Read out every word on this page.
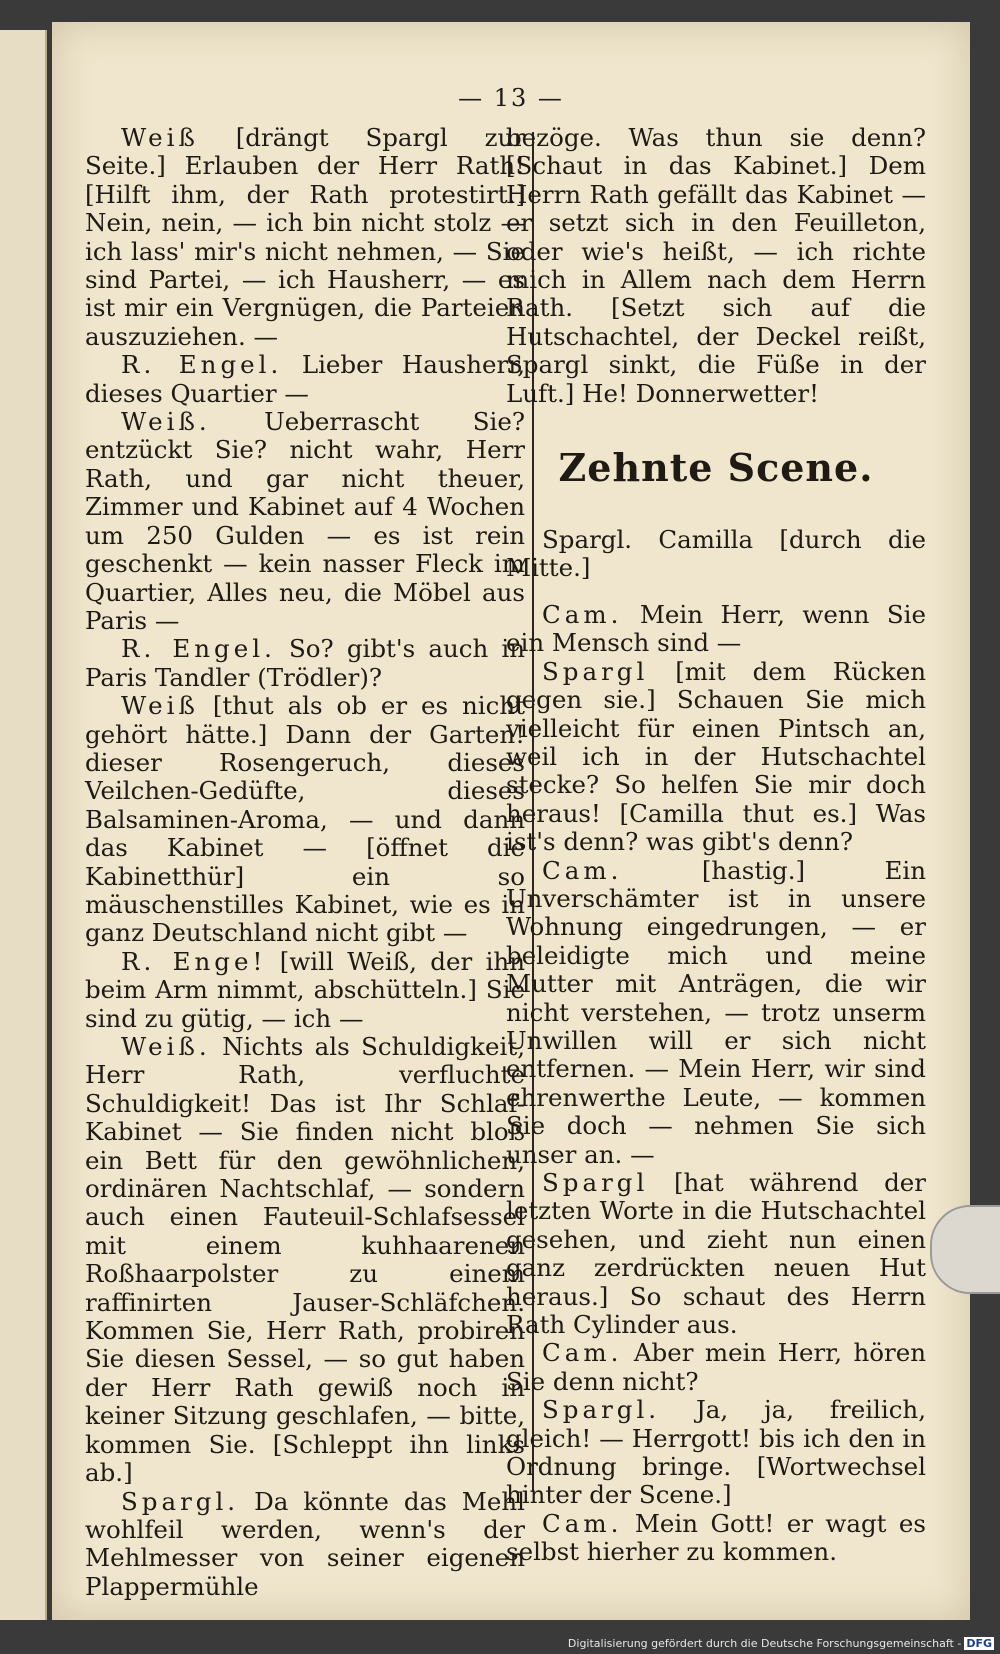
— 13 —

Weiß [drängt Spargl zur Seite.] Erlauben der Herr Rath! [Hilft ihm, der Rath protestirt.] Nein, nein, — ich bin nicht stolz — ich lass' mir's nicht nehmen, — Sie sind Partei, — ich Hausherr, — es ist mir ein Vergnügen, die Parteien auszuziehen. —

R. Engel. Lieber Hausherr, dieses Quartier —

Weiß. Ueberrascht Sie? entzückt Sie? nicht wahr, Herr Rath, und gar nicht theuer, Zimmer und Kabinet auf 4 Wochen um 250 Gulden — es ist rein geschenkt — kein nasser Fleck im Quartier, Alles neu, die Möbel aus Paris —

R. Engel. So? gibt's auch in Paris Tandler (Trödler)?

Weiß [thut als ob er es nicht gehört hätte.] Dann der Garten! dieser Rosengeruch, dieses Veilchen-Gedüfte, dieses Balsaminen-Aroma, — und dann das Kabinet — [öffnet die Kabinetthür] ein so mäuschenstilles Kabinet, wie es in ganz Deutschland nicht gibt —

R. Enge! [will Weiß, der ihn beim Arm nimmt, abschütteln.] Sie sind zu gütig, — ich —

Weiß. Nichts als Schuldigkeit, Herr Rath, verfluchte Schuldigkeit! Das ist Ihr Schlaf-Kabinet — Sie finden nicht bloß ein Bett für den gewöhnlichen, ordinären Nachtschlaf, — sondern auch einen Fauteuil-Schlafsessel mit einem kuhhaarenen Roßhaarpolster zu einem raffinirten Jauser-Schläfchen. Kommen Sie, Herr Rath, probiren Sie diesen Sessel, — so gut haben der Herr Rath gewiß noch in keiner Sitzung geschlafen, — bitte, kommen Sie. [Schleppt ihn links ab.]

Spargl. Da könnte das Mehl wohlfeil werden, wenn's der Mehlmesser von seiner eigenen Plappermühle

bezöge. Was thun sie denn? [Schaut in das Kabinet.] Dem Herrn Rath gefällt das Kabinet — er setzt sich in den Feuilleton, oder wie's heißt, — ich richte mich in Allem nach dem Herrn Rath. [Setzt sich auf die Hutschachtel, der Deckel reißt, Spargl sinkt, die Füße in der Luft.] He! Donnerwetter!

Zehnte Scene.

Spargl. Camilla [durch die Mitte.]

Cam. Mein Herr, wenn Sie ein Mensch sind —

Spargl [mit dem Rücken gegen sie.] Schauen Sie mich vielleicht für einen Pintsch an, weil ich in der Hutschachtel stecke? So helfen Sie mir doch heraus! [Camilla thut es.] Was ist's denn? was gibt's denn?

Cam.	[hastig.] Ein Unverschämter ist in unsere Wohnung eingedrungen, — er beleidigte mich und meine Mutter mit Anträgen, die wir nicht verstehen, — trotz unserm Unwillen will er sich nicht entfernen. — Mein Herr, wir sind ehrenwerthe Leute, — kommen Sie doch — nehmen Sie sich unser an. —

Spargl [hat während der letzten Worte in die Hutschachtel gesehen, und zieht nun einen ganz zerdrückten neuen Hut heraus.] So schaut des Herrn Rath Cylinder aus.

Cam. Aber mein Herr, hören Sie denn nicht?

Spargl. Ja, ja, freilich, gleich! — Herrgott! bis ich den in Ordnung bringe. [Wortwechsel hinter der Scene.]

Cam. Mein Gott! er wagt es selbst hierher zu kommen.

Digitalisierung gefördert durch die Deutsche Forschungsgemeinschaft - DFG
